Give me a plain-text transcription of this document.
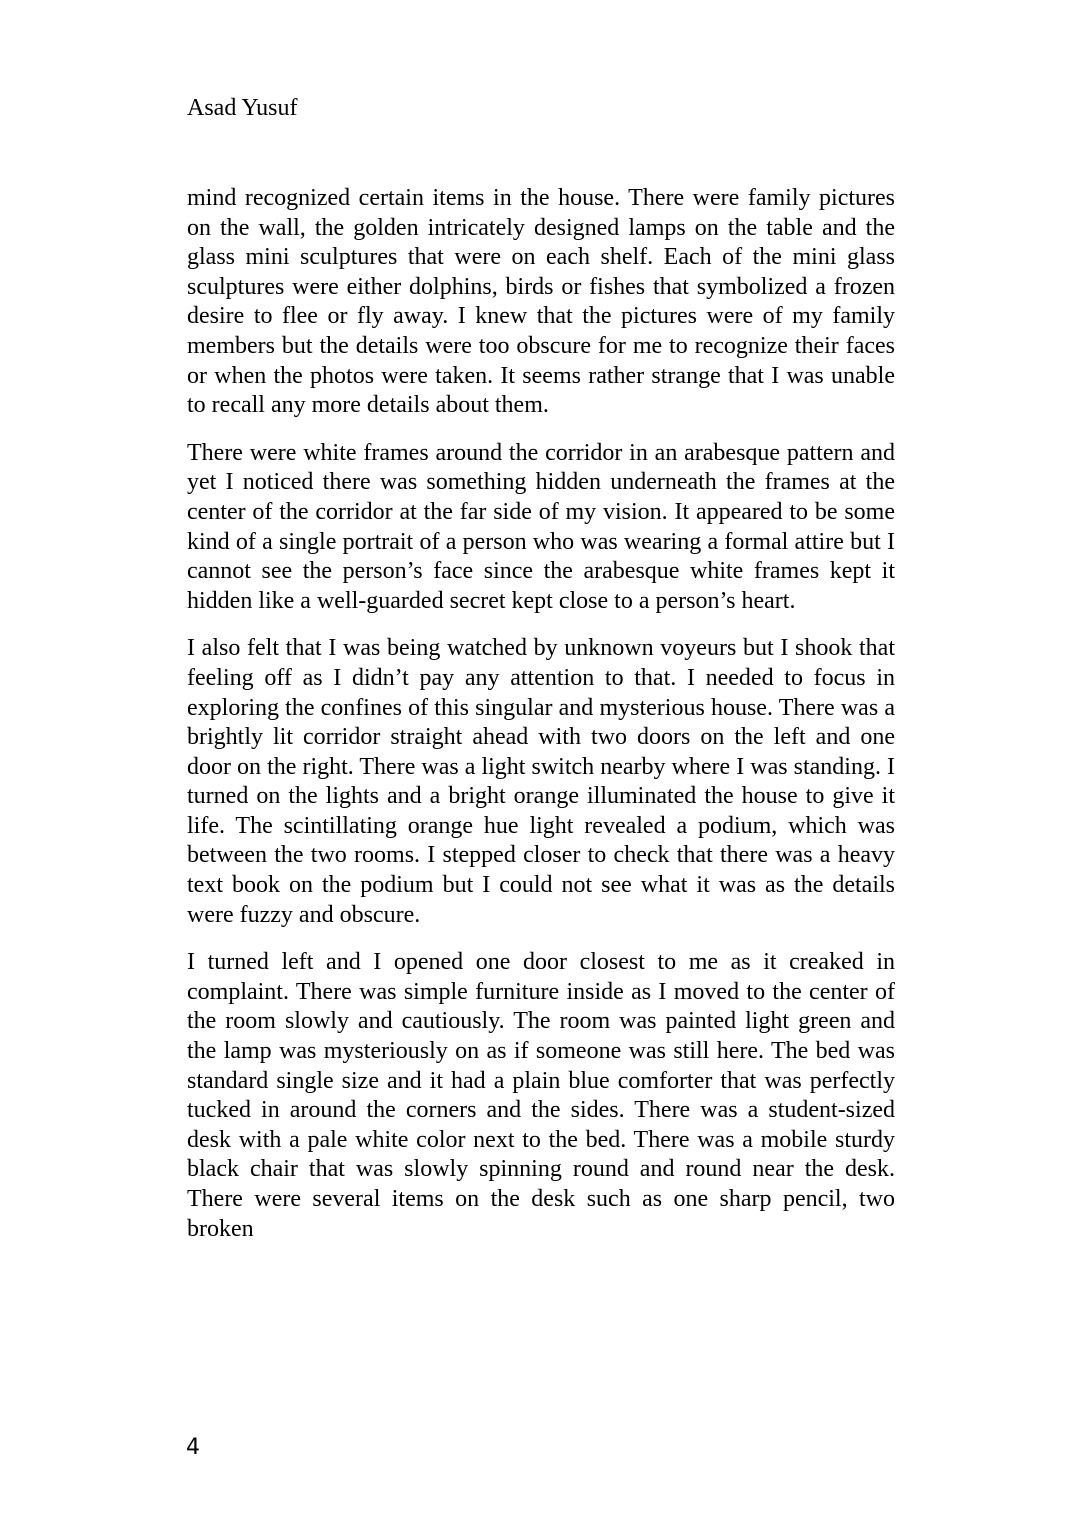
Asad Yusuf

mind recognized certain items in the house. There were family pictures on the wall, the golden intricately designed lamps on the table and the glass mini sculptures that were on each shelf. Each of the mini glass sculptures were either dolphins, birds or fishes that symbolized a frozen desire to flee or fly away. I knew that the pictures were of my family members but the details were too obscure for me to recognize their faces or when the photos were taken. It seems rather strange that I was unable to recall any more details about them.

There were white frames around the corridor in an arabesque pattern and yet I noticed there was something hidden underneath the frames at the center of the corridor at the far side of my vision. It appeared to be some kind of a single portrait of a person who was wearing a formal attire but I cannot see the person’s face since the arabesque white frames kept it hidden like a well-guarded secret kept close to a person’s heart.

I also felt that I was being watched by unknown voyeurs but I shook that feeling off as I didn’t pay any attention to that. I needed to focus in exploring the confines of this singular and mysterious house. There was a brightly lit corridor straight ahead with two doors on the left and one door on the right. There was a light switch nearby where I was standing. I turned on the lights and a bright orange illuminated the house to give it life. The scintillating orange hue light revealed a podium, which was between the two rooms. I stepped closer to check that there was a heavy text book on the podium but I could not see what it was as the details were fuzzy and obscure.

I turned left and I opened one door closest to me as it creaked in complaint. There was simple furniture inside as I moved to the center of the room slowly and cautiously. The room was painted light green and the lamp was mysteriously on as if someone was still here. The bed was standard single size and it had a plain blue comforter that was perfectly tucked in around the corners and the sides. There was a student-sized desk with a pale white color next to the bed. There was a mobile sturdy black chair that was slowly spinning round and round near the desk. There were several items on the desk such as one sharp pencil, two broken

4
